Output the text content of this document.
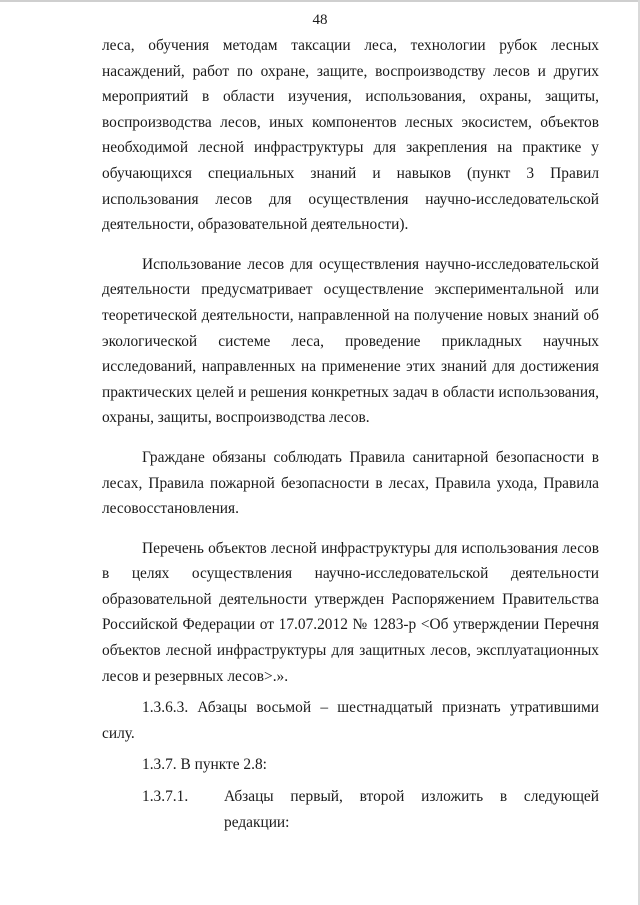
48

леса, обучения методам таксации леса, технологии рубок лесных насаждений, работ по охране, защите, воспроизводству лесов и других мероприятий в области изучения, использования, охраны, защиты, воспроизводства лесов, иных компонентов лесных экосистем, объектов необходимой лесной инфраструктуры для закрепления на практике у обучающихся специальных знаний и навыков (пункт 3 Правил использования лесов для осуществления научно-исследовательской деятельности, образовательной деятельности).

Использование лесов для осуществления научно-исследовательской деятельности предусматривает осуществление экспериментальной или теоретической деятельности, направленной на получение новых знаний об экологической системе леса, проведение прикладных научных исследований, направленных на применение этих знаний для достижения практических целей и решения конкретных задач в области использования, охраны, защиты, воспроизводства лесов.

Граждане обязаны соблюдать Правила санитарной безопасности в лесах, Правила пожарной безопасности в лесах, Правила ухода, Правила лесовосстановления.

Перечень объектов лесной инфраструктуры для использования лесов в целях осуществления научно-исследовательской деятельности образовательной деятельности утвержден Распоряжением Правительства Российской Федерации от 17.07.2012 № 1283-р <Об утверждении Перечня объектов лесной инфраструктуры для защитных лесов, эксплуатационных лесов и резервных лесов>.».

1.3.6.3. Абзацы восьмой – шестнадцатый признать утратившими силу.

1.3.7. В пункте 2.8:

1.3.7.1.	Абзацы первый, второй изложить в следующей редакции:
